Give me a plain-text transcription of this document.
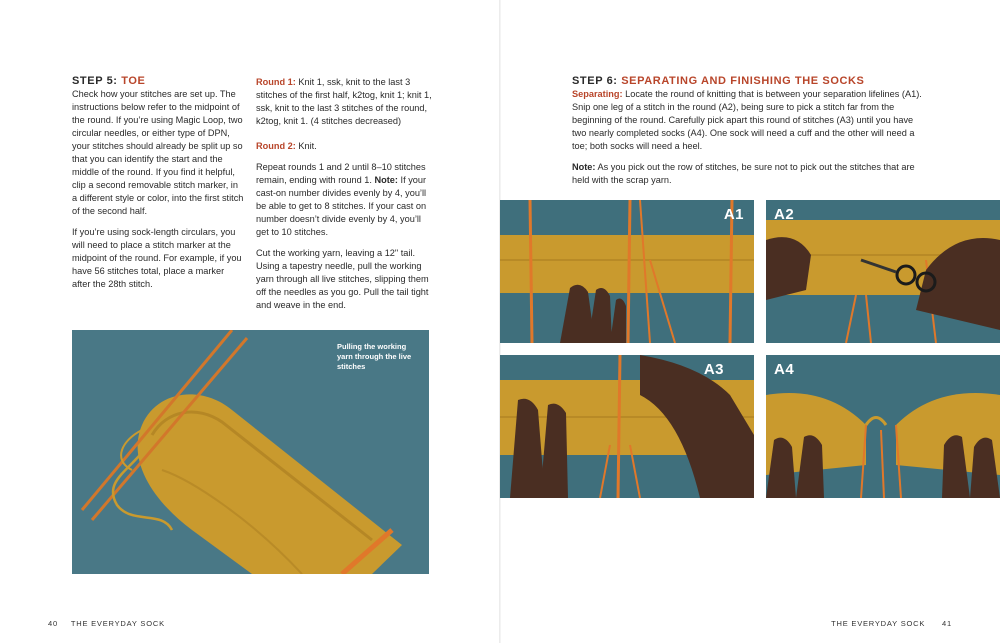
STEP 5: TOE

Check how your stitches are set up. The instructions below refer to the midpoint of the round. If you’re using Magic Loop, two circular needles, or either type of DPN, your stitches should already be split up so that you can identify the start and the middle of the round. If you find it helpful, clip a second removable stitch marker, in a different style or color, into the first stitch of the second half.

If you’re using sock-length circulars, you will need to place a stitch marker at the midpoint of the round. For example, if you have 56 stitches total, place a marker after the 28th stitch.

Round 1: Knit 1, ssk, knit to the last 3 stitches of the first half, k2tog, knit 1; knit 1, ssk, knit to the last 3 stitches of the round, k2tog, knit 1. (4 stitches decreased)

Round 2: Knit.

Repeat rounds 1 and 2 until 8–10 stitches remain, ending with round 1. Note: If your cast-on number divides evenly by 4, you’ll be able to get to 8 stitches. If your cast on number doesn’t divide evenly by 4, you’ll get to 10 stitches.

Cut the working yarn, leaving a 12" tail. Using a tapestry needle, pull the working yarn through all live stitches, slipping them off the needles as you go. Pull the tail tight and weave in the end.

Pulling the working yarn through the live stitches
40 THE EVERYDAY SOCK
STEP 6: SEPARATING AND FINISHING THE SOCKS

Separating: Locate the round of knitting that is between your separation lifelines (A1). Snip one leg of a stitch in the round (A2), being sure to pick a stitch far from the beginning of the round. Carefully pick apart this round of stitches (A3) until you have two nearly completed socks (A4). One sock will need a cuff and the other will need a toe; both socks will need a heel.

Note: As you pick out the row of stitches, be sure not to pick out the stitches that are held with the scrap yarn.

A1 A2
A3	A4
THE EVERYDAY SOCK 41
